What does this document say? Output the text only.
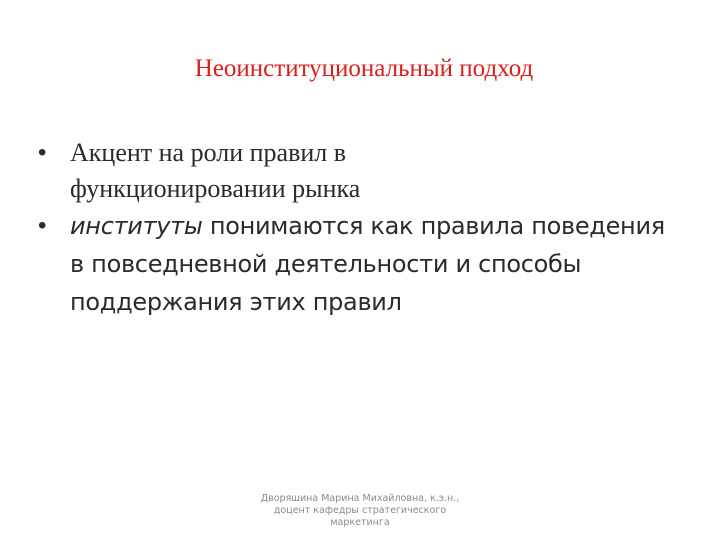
Неоинституциональный подход
• Акцент на роли правил в функционировании рынка
• институты понимаются как правила поведения в повседневной деятельности и способы поддержания этих правил
Дворяшина Марина Михайловна, к.э.н.,
доцент кафедры стратегического
маркетинга
